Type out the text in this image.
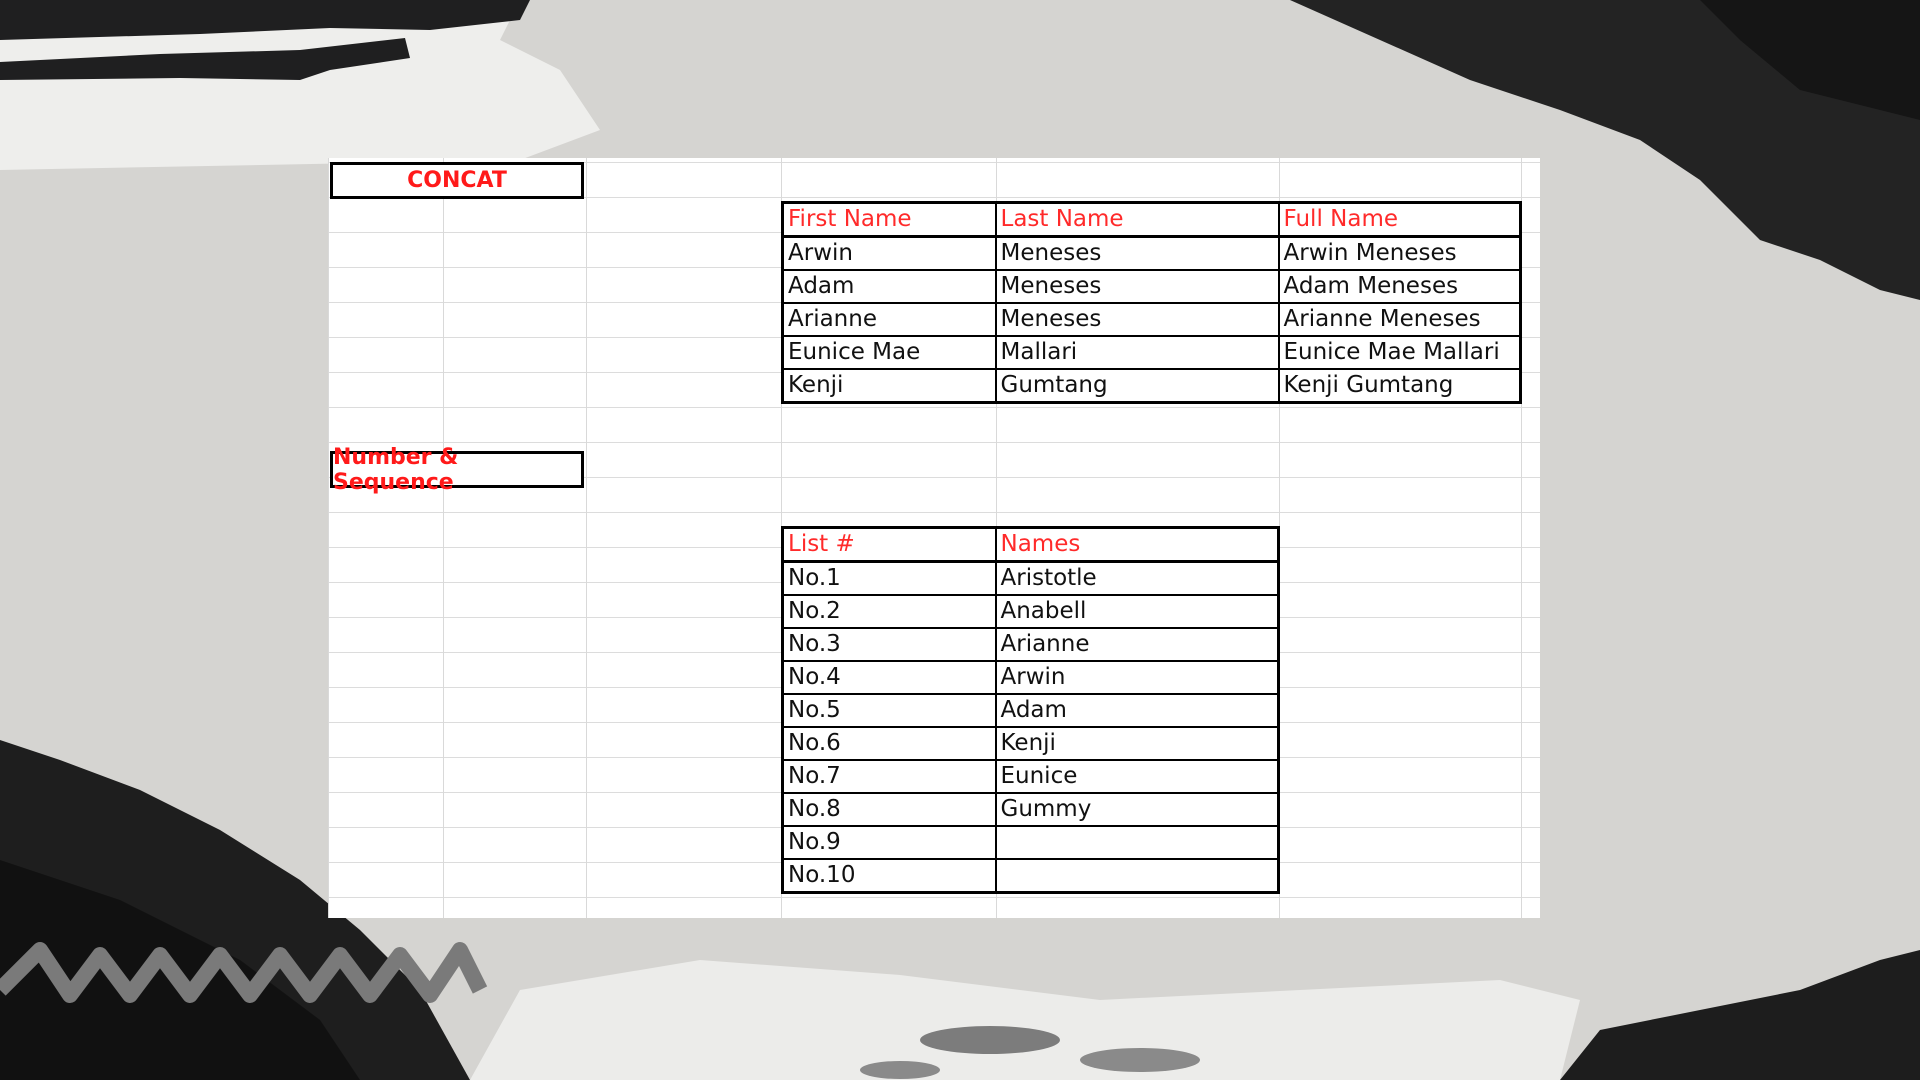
CONCAT
First Name	Last Name	Full Name
Arwin	Meneses	Arwin Meneses
Adam	Meneses	Adam Meneses
Arianne	Meneses	Arianne Meneses
Eunice Mae	Mallari	Eunice Mae Mallari
Kenji	Gumtang	Kenji Gumtang
Number & Sequence
List #	Names
No.1	Aristotle
No.2	Anabell
No.3	Arianne
No.4	Arwin
No.5	Adam
No.6	Kenji
No.7	Eunice
No.8	Gummy
No.9	
No.10	
